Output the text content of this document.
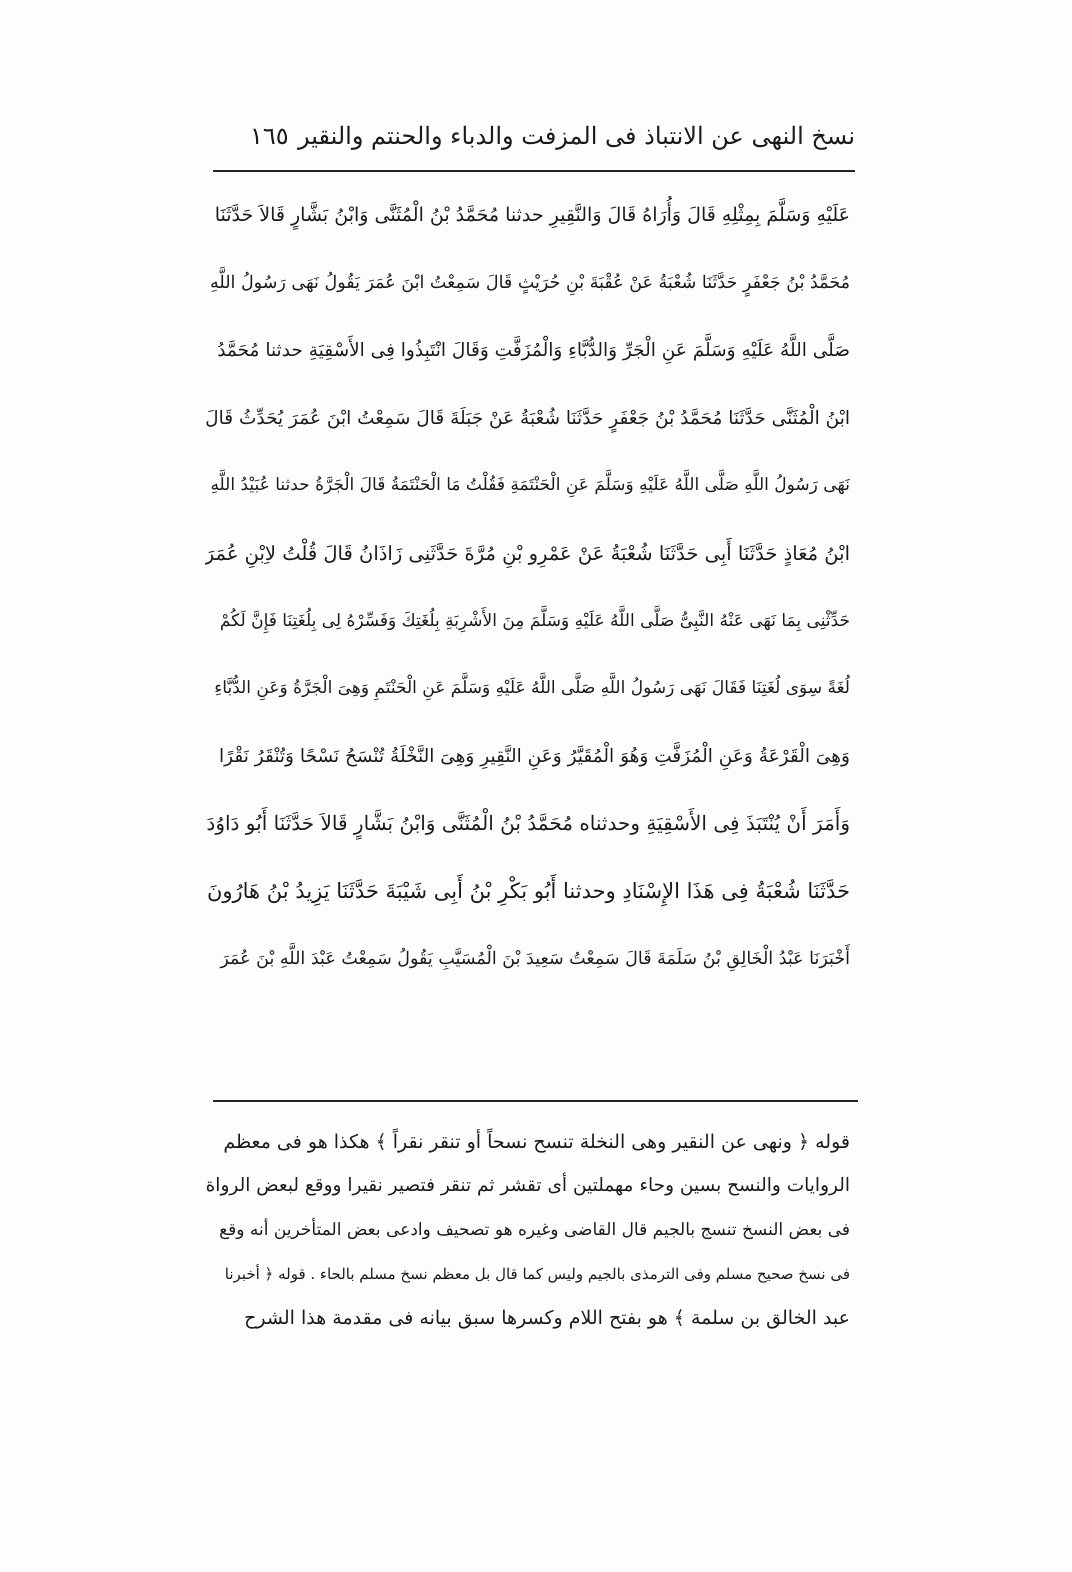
نسخ النهى عن الانتباذ فى المزفت والدباء والحنتم والنقير
١٦٥
عَلَيْهِ وَسَلَّمَ بِمِثْلِهِ قَالَ وَأُرَاهُ قَالَ وَالنَّقِيرِ حدثنا مُحَمَّدُ بْنُ الْمُثَنَّى وَابْنُ بَشَّارٍ قَالاَ حَدَّثَنَا
مُحَمَّدُ بْنُ جَعْفَرٍ حَدَّثَنَا شُعْبَةُ عَنْ عُقْبَةَ بْنِ حُرَيْثٍ قَالَ سَمِعْتُ ابْنَ عُمَرَ يَقُولُ نَهَى رَسُولُ اللَّهِ
صَلَّى اللَّهُ عَلَيْهِ وَسَلَّمَ عَنِ الْجَرِّ وَالدُّبَّاءِ وَالْمُزَفَّتِ وَقَالَ انْتَبِذُوا فِى الأَسْقِيَةِ حدثنا مُحَمَّدُ
ابْنُ الْمُثَنَّى حَدَّثَنَا مُحَمَّدُ بْنُ جَعْفَرٍ حَدَّثَنَا شُعْبَةُ عَنْ جَبَلَةَ قَالَ سَمِعْتُ ابْنَ عُمَرَ يُحَدِّثُ قَالَ
نَهَى رَسُولُ اللَّهِ صَلَّى اللَّهُ عَلَيْهِ وَسَلَّمَ عَنِ الْحَنْتَمَةِ فَقُلْتُ مَا الْحَنْتَمَةُ قَالَ الْجَرَّةُ حدثنا عُبَيْدُ اللَّهِ
ابْنُ مُعَاذٍ حَدَّثَنَا أَبِى حَدَّثَنَا شُعْبَةُ عَنْ عَمْرِو بْنِ مُرَّةَ حَدَّثَنِى زَاذَانُ قَالَ قُلْتُ لاِبْنِ عُمَرَ
حَدِّثْنِى بِمَا نَهَى عَنْهُ النَّبِىُّ صَلَّى اللَّهُ عَلَيْهِ وَسَلَّمَ مِنَ الأَشْرِبَةِ بِلُغَتِكَ وَفَسِّرْهُ لِى بِلُغَتِنَا فَإِنَّ لَكُمْ
لُغَةً سِوَى لُغَتِنَا فَقَالَ نَهَى رَسُولُ اللَّهِ صَلَّى اللَّهُ عَلَيْهِ وَسَلَّمَ عَنِ الْحَنْتَمِ وَهِىَ الْجَرَّةُ وَعَنِ الدُّبَّاءِ
وَهِىَ الْقَرْعَةُ وَعَنِ الْمُزَفَّتِ وَهُوَ الْمُقَيَّرُ وَعَنِ النَّقِيرِ وَهِىَ النَّخْلَةُ تُنْسَحُ نَسْحًا وَتُنْقَرُ نَقْرًا
وَأَمَرَ أَنْ يُنْتَبَذَ فِى الأَسْقِيَةِ وحدثناه مُحَمَّدُ بْنُ الْمُثَنَّى وَابْنُ بَشَّارٍ قَالاَ حَدَّثَنَا أَبُو دَاوُدَ
حَدَّثَنَا شُعْبَةُ فِى هَذَا الإِسْنَادِ وحدثنا أَبُو بَكْرِ بْنُ أَبِى شَيْبَةَ حَدَّثَنَا يَزِيدُ بْنُ هَارُونَ
أَخْبَرَنَا عَبْدُ الْخَالِقِ بْنُ سَلَمَةَ قَالَ سَمِعْتُ سَعِيدَ بْنَ الْمُسَيَّبِ يَقُولُ سَمِعْتُ عَبْدَ اللَّهِ بْنَ عُمَرَ
قوله ﴿ ونهى عن النقير وهى النخلة تنسح نسحاً أو تنقر نقراً ﴾ هكذا هو فى معظم
الروايات والنسح بسين وحاء مهملتين أى تقشر ثم تنقر فتصير نقيرا ووقع لبعض الرواة
فى بعض النسخ تنسج بالجيم قال القاضى وغيره هو تصحيف وادعى بعض المتأخرين أنه وقع
فى نسخ صحيح مسلم وفى الترمذى بالجيم وليس كما قال بل معظم نسخ مسلم بالحاء . قوله ﴿ أخبرنا
عبد الخالق بن سلمة ﴾ هو بفتح اللام وكسرها سبق بيانه فى مقدمة هذا الشرح
